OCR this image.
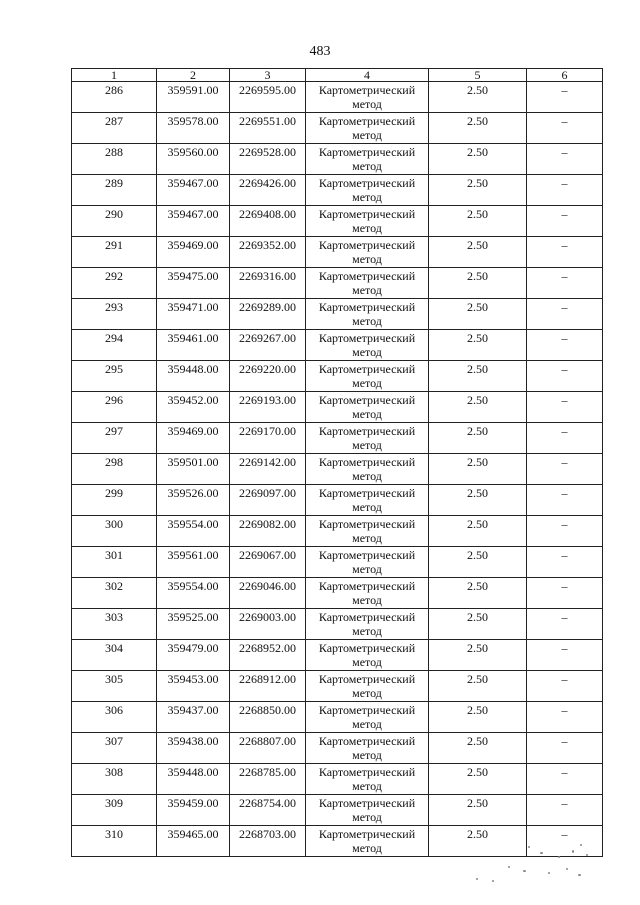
483
1	2	3	4	5	6
286	359591.00	2269595.00	Картометрический метод	2.50	–
287	359578.00	2269551.00	Картометрический метод	2.50	–
288	359560.00	2269528.00	Картометрический метод	2.50	–
289	359467.00	2269426.00	Картометрический метод	2.50	–
290	359467.00	2269408.00	Картометрический метод	2.50	–
291	359469.00	2269352.00	Картометрический метод	2.50	–
292	359475.00	2269316.00	Картометрический метод	2.50	–
293	359471.00	2269289.00	Картометрический метод	2.50	–
294	359461.00	2269267.00	Картометрический метод	2.50	–
295	359448.00	2269220.00	Картометрический метод	2.50	–
296	359452.00	2269193.00	Картометрический метод	2.50	–
297	359469.00	2269170.00	Картометрический метод	2.50	–
298	359501.00	2269142.00	Картометрический метод	2.50	–
299	359526.00	2269097.00	Картометрический метод	2.50	–
300	359554.00	2269082.00	Картометрический метод	2.50	–
301	359561.00	2269067.00	Картометрический метод	2.50	–
302	359554.00	2269046.00	Картометрический метод	2.50	–
303	359525.00	2269003.00	Картометрический метод	2.50	–
304	359479.00	2268952.00	Картометрический метод	2.50	–
305	359453.00	2268912.00	Картометрический метод	2.50	–
306	359437.00	2268850.00	Картометрический метод	2.50	–
307	359438.00	2268807.00	Картометрический метод	2.50	–
308	359448.00	2268785.00	Картометрический метод	2.50	–
309	359459.00	2268754.00	Картометрический метод	2.50	–
310	359465.00	2268703.00	Картометрический метод	2.50	–
